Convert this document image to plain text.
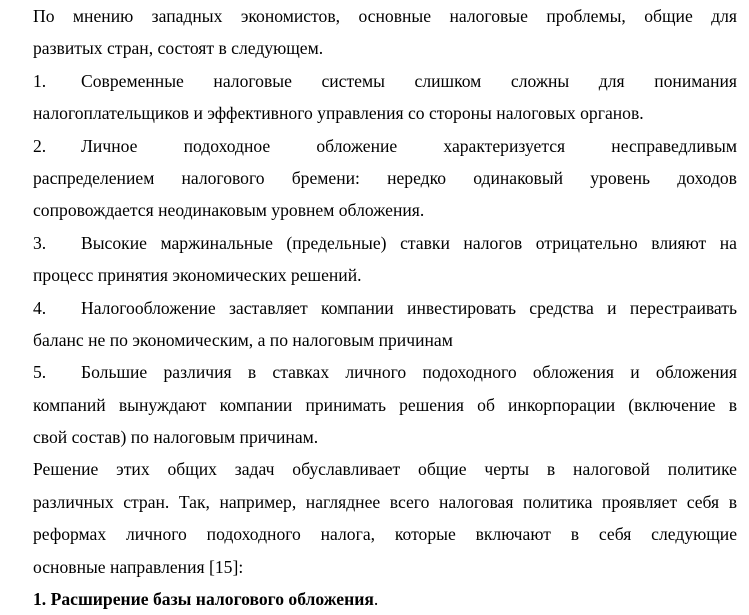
По мнению западных экономистов, основные налоговые проблемы, общие для
развитых стран, состоят в следующем.
1. Современные налоговые системы слишком сложны для понимания
налогоплательщиков и эффективного управления со стороны налоговых органов.
2. Личное подоходное обложение характеризуется несправедливым
распределением налогового бремени: нередко одинаковый уровень доходов
сопровождается неодинаковым уровнем обложения.
3. Высокие маржинальные (предельные) ставки налогов отрицательно влияют на
процесс принятия экономических решений.
4. Налогообложение заставляет компании инвестировать средства и перестраивать
баланс не по экономическим, а по налоговым причинам
5. Большие различия в ставках личного подоходного обложения и обложения
компаний вынуждают компании принимать решения об инкорпорации (включение в
свой состав) по налоговым причинам.
Решение этих общих задач обуславливает общие черты в налоговой политике
различных стран. Так, например, нагляднее всего налоговая политика проявляет себя в
реформах личного подоходного налога, которые включают в себя следующие
основные направления [15]:
1. Расширение базы налогового обложения.
